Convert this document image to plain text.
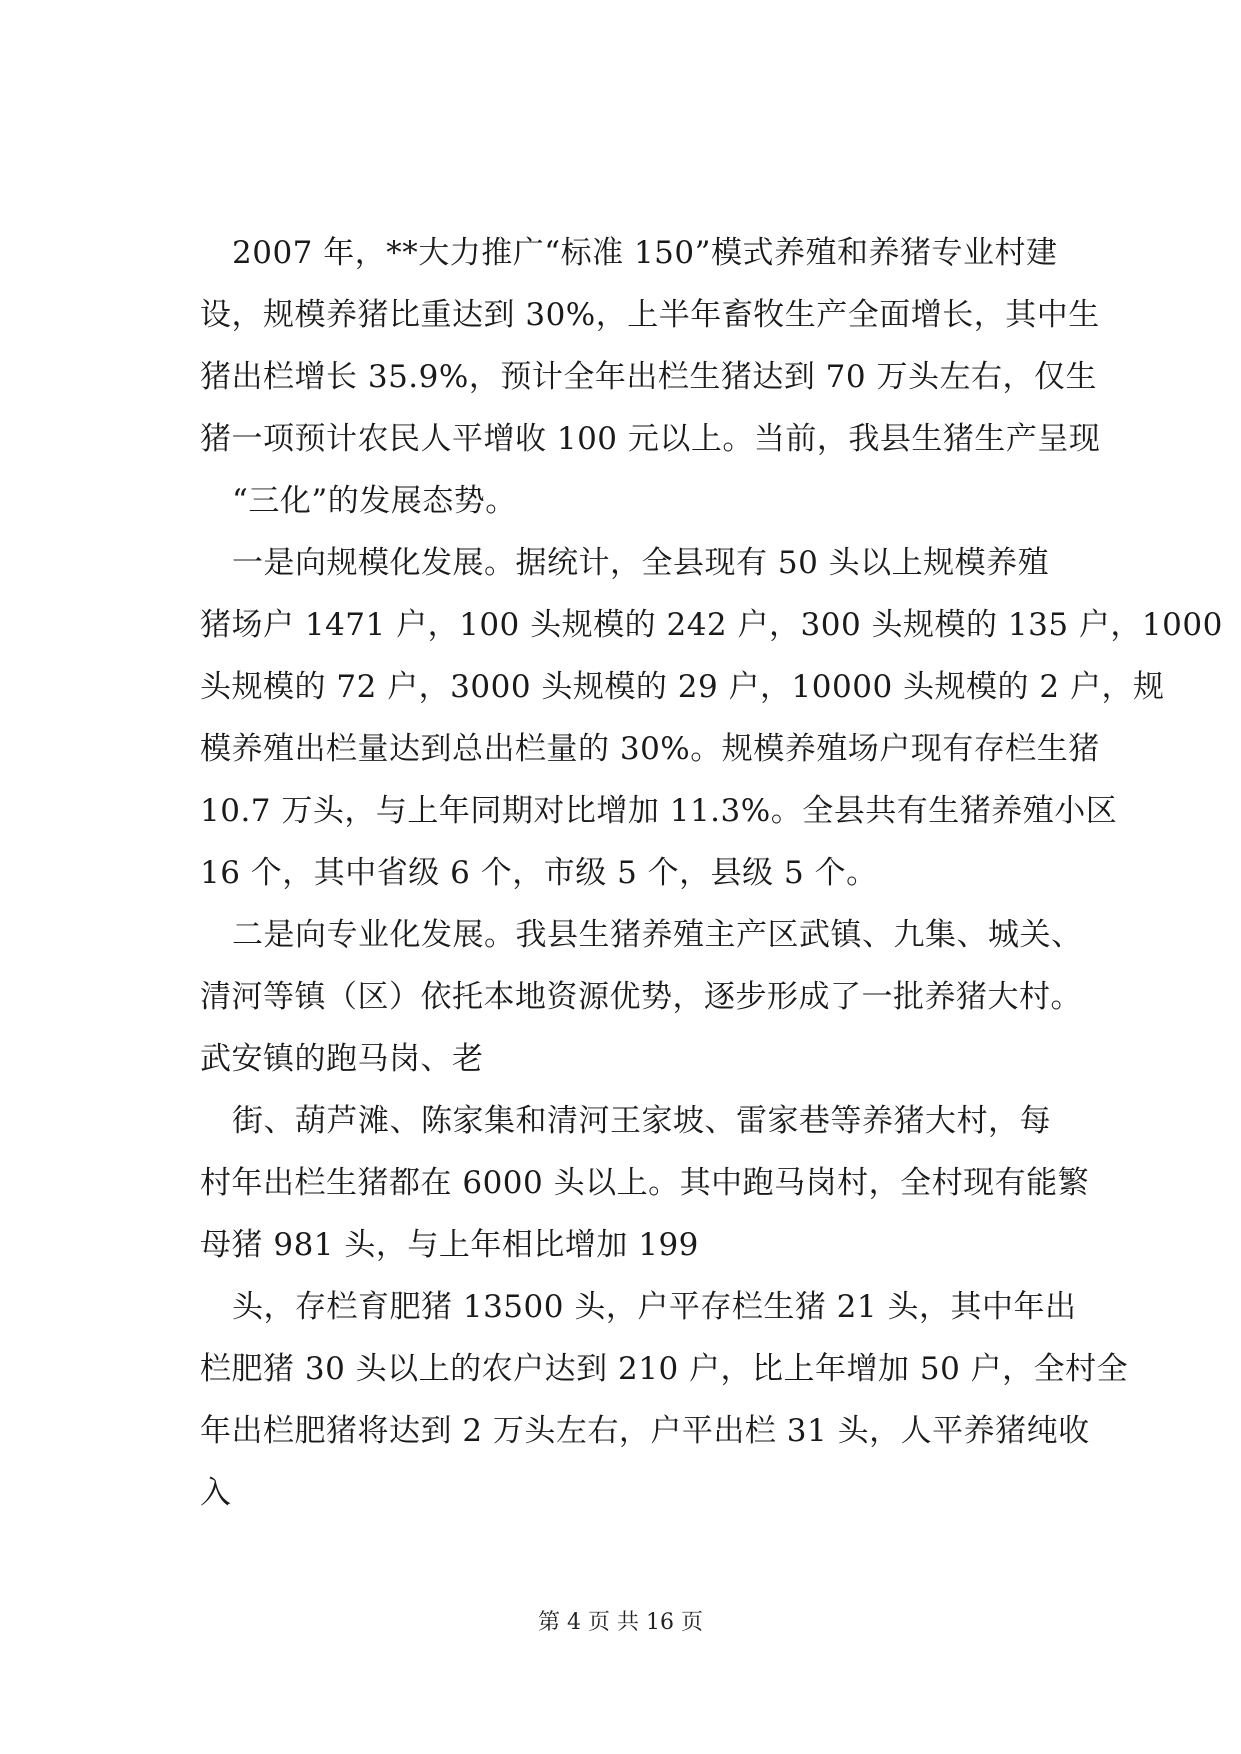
2007 年，**大力推广“标准 150”模式养殖和养猪专业村建
设，规模养猪比重达到 30%，上半年畜牧生产全面增长，其中生
猪出栏增长 35.9%，预计全年出栏生猪达到 70 万头左右，仅生
猪一项预计农民人平增收 100 元以上。当前，我县生猪生产呈现
“三化”的发展态势。
一是向规模化发展。据统计，全县现有 50 头以上规模养殖
猪场户 1471 户，100 头规模的 242 户，300 头规模的 135 户，1000
头规模的 72 户，3000 头规模的 29 户，10000 头规模的 2 户，规
模养殖出栏量达到总出栏量的 30%。规模养殖场户现有存栏生猪
10.7 万头，与上年同期对比增加 11.3%。全县共有生猪养殖小区
16 个，其中省级 6 个，市级 5 个，县级 5 个。
二是向专业化发展。我县生猪养殖主产区武镇、九集、城关、
清河等镇（区）依托本地资源优势，逐步形成了一批养猪大村。
武安镇的跑马岗、老
街、葫芦滩、陈家集和清河王家坡、雷家巷等养猪大村，每
村年出栏生猪都在 6000 头以上。其中跑马岗村，全村现有能繁
母猪 981 头，与上年相比增加 199
头，存栏育肥猪 13500 头，户平存栏生猪 21 头，其中年出
栏肥猪 30 头以上的农户达到 210 户，比上年增加 50 户，全村全
年出栏肥猪将达到 2 万头左右，户平出栏 31 头，人平养猪纯收
入
第 4 页 共 16 页
